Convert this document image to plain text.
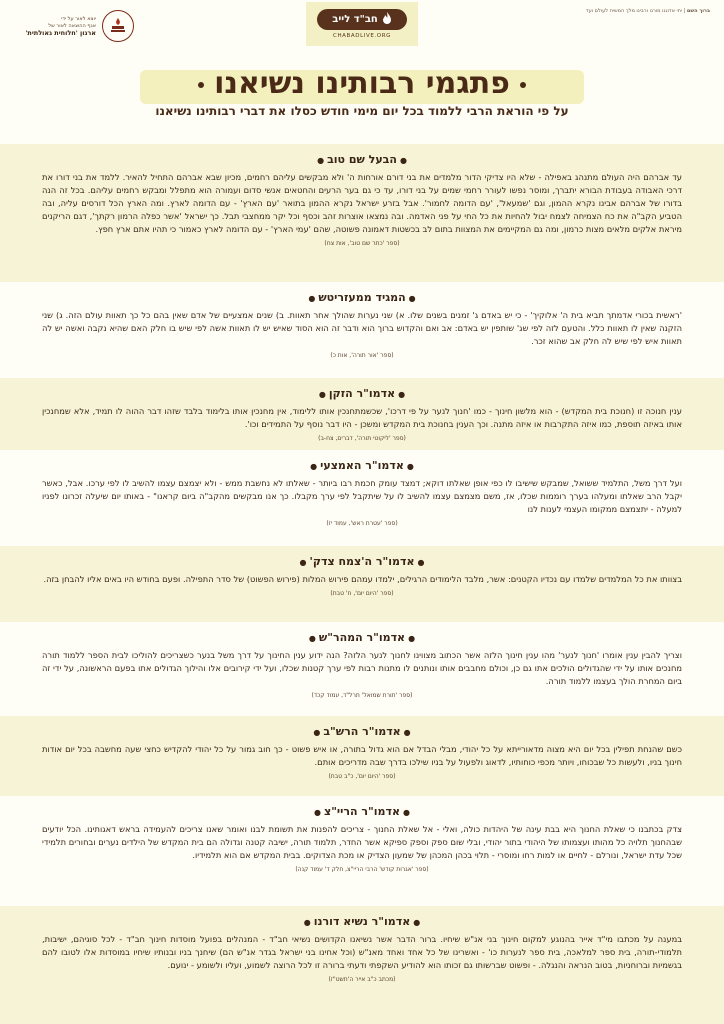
ברוך השם | יחי אדוננו מורנו ורבינו מלך המשיח לעולם ועד
חב"ד לייב
CHABADLIVE.ORG
יוצא לאור על ידי
אגף ההוצאה לאור של
ארגון 'חלוחית גאולתית'
פתגמי רבותינו נשיאנו
על פי הוראת הרבי ללמוד בכל יום מימי חודש כסלו את דברי רבותינו נשיאנו
●הבעל שם טוב●
עד אברהם היה העולם מתנהג באפילה - שלא היו צדיקי הדור מלמדים את בני דורם אורחות ה' ולא מבקשים עליהם רחמים, מכיון שבא אברהם התחיל להאיר. ללמד את בני דורו את דרכי האבודה בעבודת הבורא יתברך, ומוסר נפשו לעורר רחמי שמים על בני דורו, עד כי גם בער הרעים והחטאים אנשי סדום ועמורה הוא מתפלל ומבקש רחמים עליהם. בכל זה הנה בדורו של אברהם אבינו נקרא ההמון, וגם 'שמעאל', 'עם הדומה לחמור'. אבל בזרע ישראל נקרא ההמון בתואר 'עם הארץ' - עם הדומה לארץ. ומה הארץ הכל דורסים עליה, ובה הטביע הקב"ה את כח הצמיחה לצמח יבול להחיות את כל החי על פני האדמה. ובה נמצאו אוצרות זהב וכסף וכל יקר ממחצבי תבל. כך ישראל 'אשר כפלה הרמון רקתך', דגם הריקנים מיראת אלקים מלאים מצות כרמון, ומה גם המקיימים את המצוות בתום לב בכשטות דאמונה פשוטה, שהם 'עמי הארץ' - עם הדומה לארץ כאמור כי תהיו אתם ארץ חפץ.
(ספר 'כתר שם טוב', אות צח)
●המגיד ממעזריטש●
'ראשית בכורי אדמתך תביא בית ה' אלוקיך' - כי יש באדם ג' זמנים בשנים שלו. א) שני נערות שהולך אחר תאוות. ב) שנים אמצעיים של אדם שאין בהם כל כך תאוות עולם הזה. ג) שני הזקנה שאין לו תאוות כלל. והטעם לזה לפי שג' שותפין יש באדם: אב ואם והקדוש ברוך הוא ודבר זה הוא הסוד שאיש יש לו תאוות אשה לפי שיש בו חלק האם שהיא נקבה ואשה יש לה תאוות איש לפי שיש לה חלק אב שהוא זכר.
(ספר 'אור תורה', אות כ)
●אדמו"ר הזקן●
ענין חנוכה זו (חנוכת בית המקדש) - הוא מלשון חינוך - כמו 'חנוך לנער על פי דרכו', שכשמתחנכין אותו ללימוד, אין מחנכין אותו בלימוד בלבד שזהו דבר ההוה לו תמיד, אלא שמחנכין אותו באיזה תוספת, כמו איזה התקרבות או איזה מתנה. וכך הענין בחנוכת בית המקדש ומשכן - היו דבר נוסף על התמידים וכו'.
(ספר 'ליקוטי תורה', דברים, צח-ב)
●אדמו"ר האמצעי●
ועל דרך משל, התלמיד ששואל, שמבקש שישיבו לו כפי אופן שאלתו דוקא; דמצד עומק חכמת רבו ביותר - שאלתו לא נחשבת ממש - ולא יצמצם עצמו להשיב לו לפי ערכו. אבל, כאשר יקבל הרב שאלתו ומעלהו בערך רוממות שכלו, אז, משם מצמצם עצמו להשיב לו על שיתקבל לפי ערך מקבלו. כך אנו מבקשים מהקב"ה ביום קראנו" - באותו יום שיעלה זכרונו לפניו למעלה - יתצמצם ממקומו העצמי לענות לנו
(ספר 'עטרת ראש', עמוד יז)
●אדמו"ר ה'צמח צדק'●
בצוותו את כל המלמדים שלמדו עם נכדיו הקטנים: אשר, מלבד הלימודים הרגילים, ילמדו עמהם פירוש המלות (פירוש הפשוט) של סדר התפילה. ופעם בחודש היו באים אליו להבחן בזה.
(ספר 'היום יום', ח' טבת)
●אדמו"ר המהר"ש●
וצריך להבין ענין אומרו 'חנוך לנער' מהו ענין חינוך הלזה אשר הכתוב מצווינו לחנוך לנער הלזה? הנה ידוע ענין החינוך על דרך משל בנער כשצריכים להוליכו לבית הספר ללמוד תורה מחנכים אותו על ידי שהגדולים הולכים אתו גם כן, וכולם מחבבים אותו ונותנים לו מתנות רבות לפי ערך קטנות שכלו, ועל ידי קירובים אלו והילוך הגדולים אתו בפעם הראשונה, על ידי זה ביום המחרת הולך בעצמו ללמוד תורה.
(ספר 'תורת שמואל' תרל"ד, עמוד קכד)
●אדמו"ר הרש"ב●
כשם שהנחת תפילין בכל יום היא מצוה מדאורייתא על כל יהודי, מבלי הבדל אם הוא גדול בתורה, או איש פשוט - כך חוב גמור על כל יהודי להקדיש כחצי שעה מחשבה בכל יום אודות חינוך בניו, ולעשות כל שבכוחו, ויותר מכפי כוחותיו, לדאוג ולפעול על בניו שילכו בדרך שבה מדריכים אותם.
(ספר 'היום יום', כ"ב טבת)
●אדמו"ר הריי"צ●
צדק בכתבנו כי שאלת החנוך היא בבת עינה של היהדות כולה, ואלי - אל שאלת החנוך - צריכים להפנות את תשומת לבנו ואומר שאנו צריכים להעמידה בראש דאגותינו. הכל יודעים שבהחנוך תלויה כל מהותו ועצמותו של היהודי בתור יהודי, ובלי שום ספק וספק ספיקא אשר החדר, תלמוד תורה, ישיבה קטנה וגדולה הם בית המקדש של הילדים נערים ובחורים תלמידי שכל עדת ישראל, ונורלם - לחיים או למות רחו ומוסרי - תלוי בכהן המכהן של שמעון הצדיק או מכת הצדוקים. בבית המקדש אם הוא תלמידיו.
(ספר 'אגרות קודש' הרבי הריי"צ, חלק ד' עמוד קנה)
●אדמו"ר נשיא דורנו●
במענה על מכתבו מי"ד אייר בהנוגע למקום חינוך בני אנ"ש שיחיו. ברור הדבר אשר נשיאנו הקדושים נשיאי חב"ד - המנהלים בפועל מוסדות חינוך חב"ד - לכל סוגיהם, ישיבות, תלמודי-תורה, בית ספר למלאכה, בית ספר לנערות כו' - ואשרינו של כל אחד ואחד מאנ"ש (וכל אחינו בני ישראל בגדר אנ"ש הם) שיחנך בניו ובנותיו שיחיו במוסדות אלו לטובו להם בגשמיות וברוחניות, בטוב הנראה והנגלה. - ופשוט שברשותו גם זכותו הוא להודיע השקפתי ודעתי ברורה זו לכל הרוצה לשמוע, ועליו ולשומע - ינועם.
(מכתב כ"ב אייר ה'תשט"ז)
